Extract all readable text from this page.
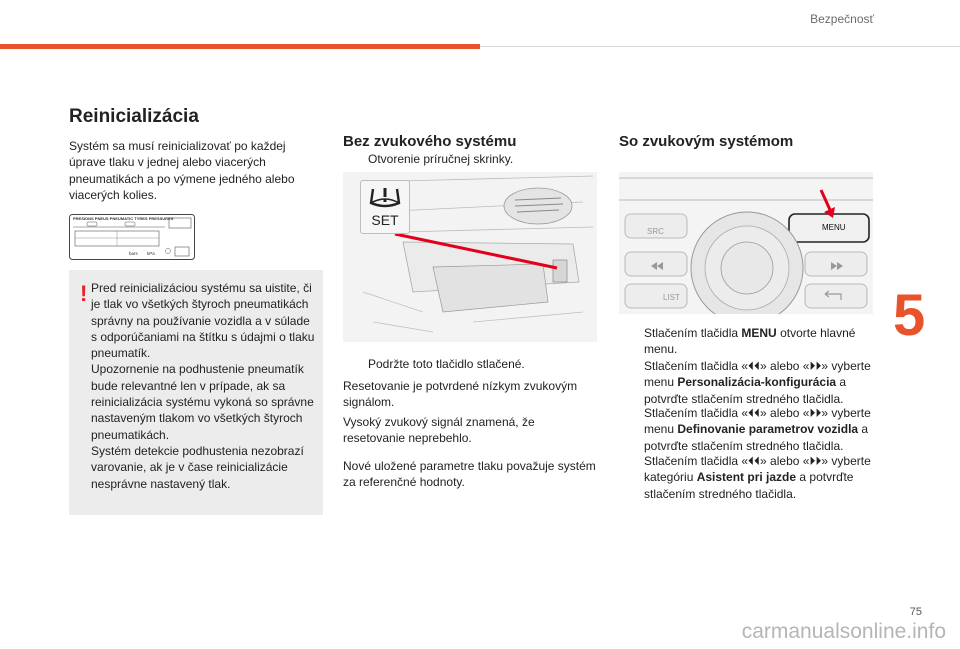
Bezpečnosť
5
75
carmanualsonline.info
Reinicializácia

Systém sa musí reinicializovať po každej úprave tlaku v jednej alebo viacerých pneumatikách a po výmene jedného alebo viacerých kolies.

PRESIONS PNEUS PNEUMATIC TYRES PRESSURES
bars kPa
! Pred reinicializáciou systému sa uistite, či je tlak vo všetkých štyroch pneumatikách správny na používanie vozidla a v súlade s odporúčaniami na štítku s údajmi o tlaku pneumatík.

Upozornenie na podhustenie pneumatík bude relevantné len v prípade, ak sa reinicializácia systému vykoná so správne nastaveným tlakom vo všetkých štyroch pneumatikách.

Systém detekcie podhustenia nezobrazí varovanie, ak je v čase reinicializácie nesprávne nastavený tlak.

Bez zvukového systému
Otvorenie príručnej skrinky.
SET
Podržte toto tlačidlo stlačené.

Resetovanie je potvrdené nízkym zvukovým signálom.

Vysoký zvukový signál znamená, že resetovanie neprebehlo.

Nové uložené parametre tlaku považuje systém za referenčné hodnoty.

So zvukovým systémom
SRC
LIST
MENU
Stlačením tlačidla MENU otvorte hlavné menu.
Stlačením tlačidla «⏴⏴» alebo «⏵⏵» vyberte menu Personalizácia-konfigurácia a potvrďte stlačením stredného tlačidla.
Stlačením tlačidla «⏴⏴» alebo «⏵⏵» vyberte menu Definovanie parametrov vozidla a potvrďte stlačením stredného tlačidla.
Stlačením tlačidla «⏴⏴» alebo «⏵⏵» vyberte kategóriu Asistent pri jazde a potvrďte stlačením stredného tlačidla.
